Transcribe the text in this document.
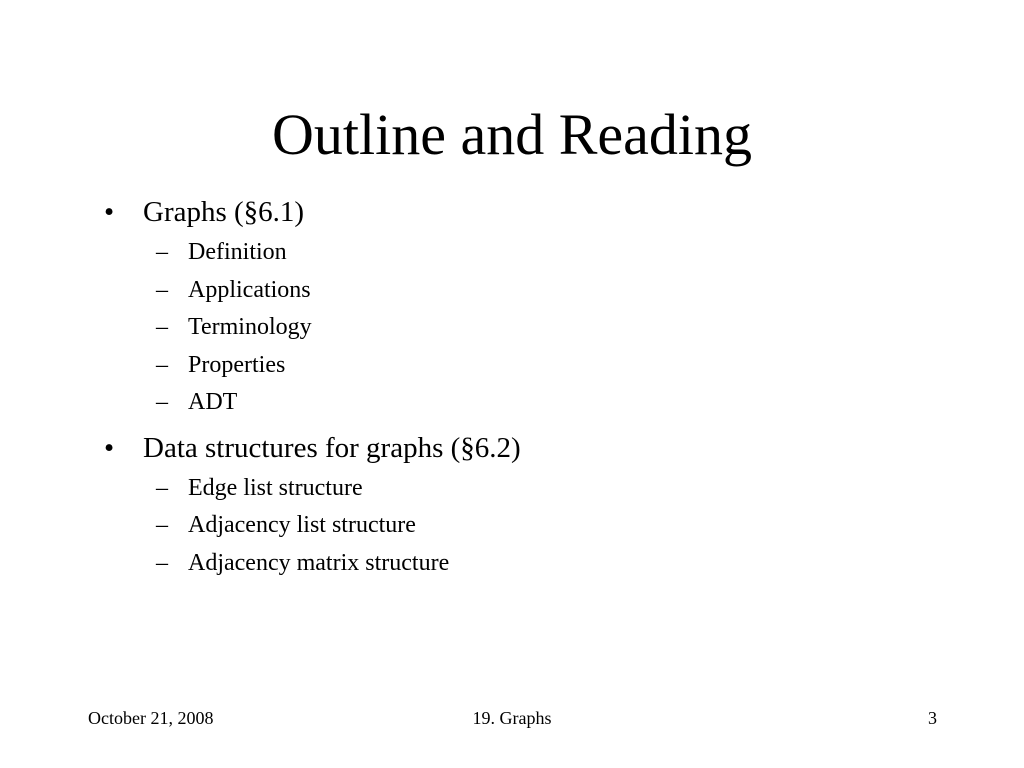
Outline and Reading
• Graphs (§6.1)
– Definition
– Applications
– Terminology
– Properties
– ADT
• Data structures for graphs (§6.2)
– Edge list structure
– Adjacency list structure
– Adjacency matrix structure
October 21, 2008	19. Graphs	3
